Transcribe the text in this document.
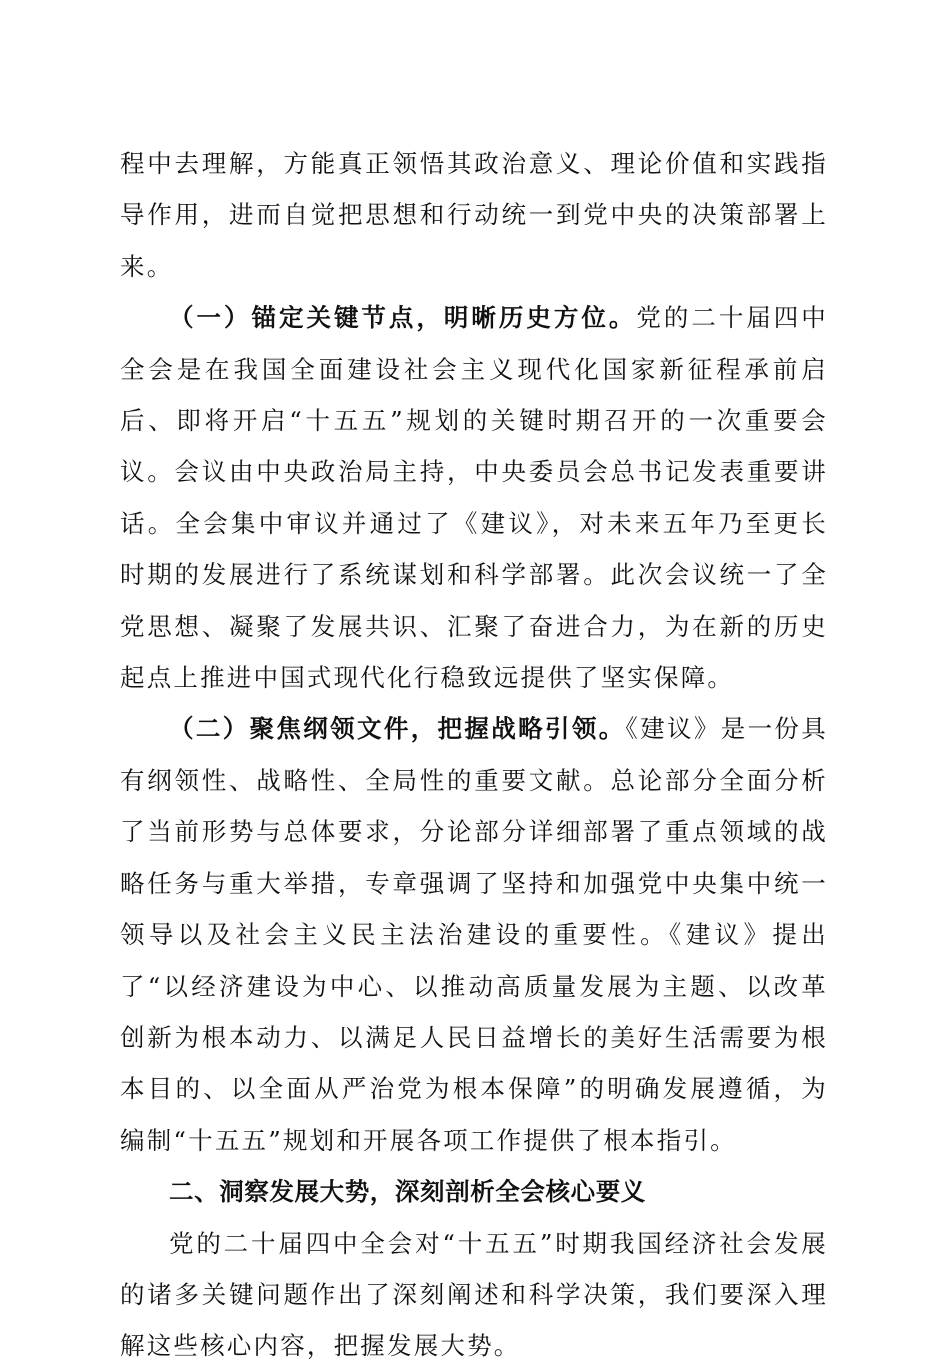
程中去理解，方能真正领悟其政治意义、理论价值和实践指导作用，进而自觉把思想和行动统一到党中央的决策部署上来。

（一）锚定关键节点，明晰历史方位。党的二十届四中全会是在我国全面建设社会主义现代化国家新征程承前启后、即将开启“十五五”规划的关键时期召开的一次重要会议。会议由中央政治局主持，中央委员会总书记发表重要讲话。全会集中审议并通过了《建议》，对未来五年乃至更长时期的发展进行了系统谋划和科学部署。此次会议统一了全党思想、凝聚了发展共识、汇聚了奋进合力，为在新的历史起点上推进中国式现代化行稳致远提供了坚实保障。

（二）聚焦纲领文件，把握战略引领。《建议》是一份具有纲领性、战略性、全局性的重要文献。总论部分全面分析了当前形势与总体要求，分论部分详细部署了重点领域的战略任务与重大举措，专章强调了坚持和加强党中央集中统一领导以及社会主义民主法治建设的重要性。《建议》提出了“以经济建设为中心、以推动高质量发展为主题、以改革创新为根本动力、以满足人民日益增长的美好生活需要为根本目的、以全面从严治党为根本保障”的明确发展遵循，为编制“十五五”规划和开展各项工作提供了根本指引。

二、洞察发展大势，深刻剖析全会核心要义

党的二十届四中全会对“十五五”时期我国经济社会发展的诸多关键问题作出了深刻阐述和科学决策，我们要深入理解这些核心内容，把握发展大势。
